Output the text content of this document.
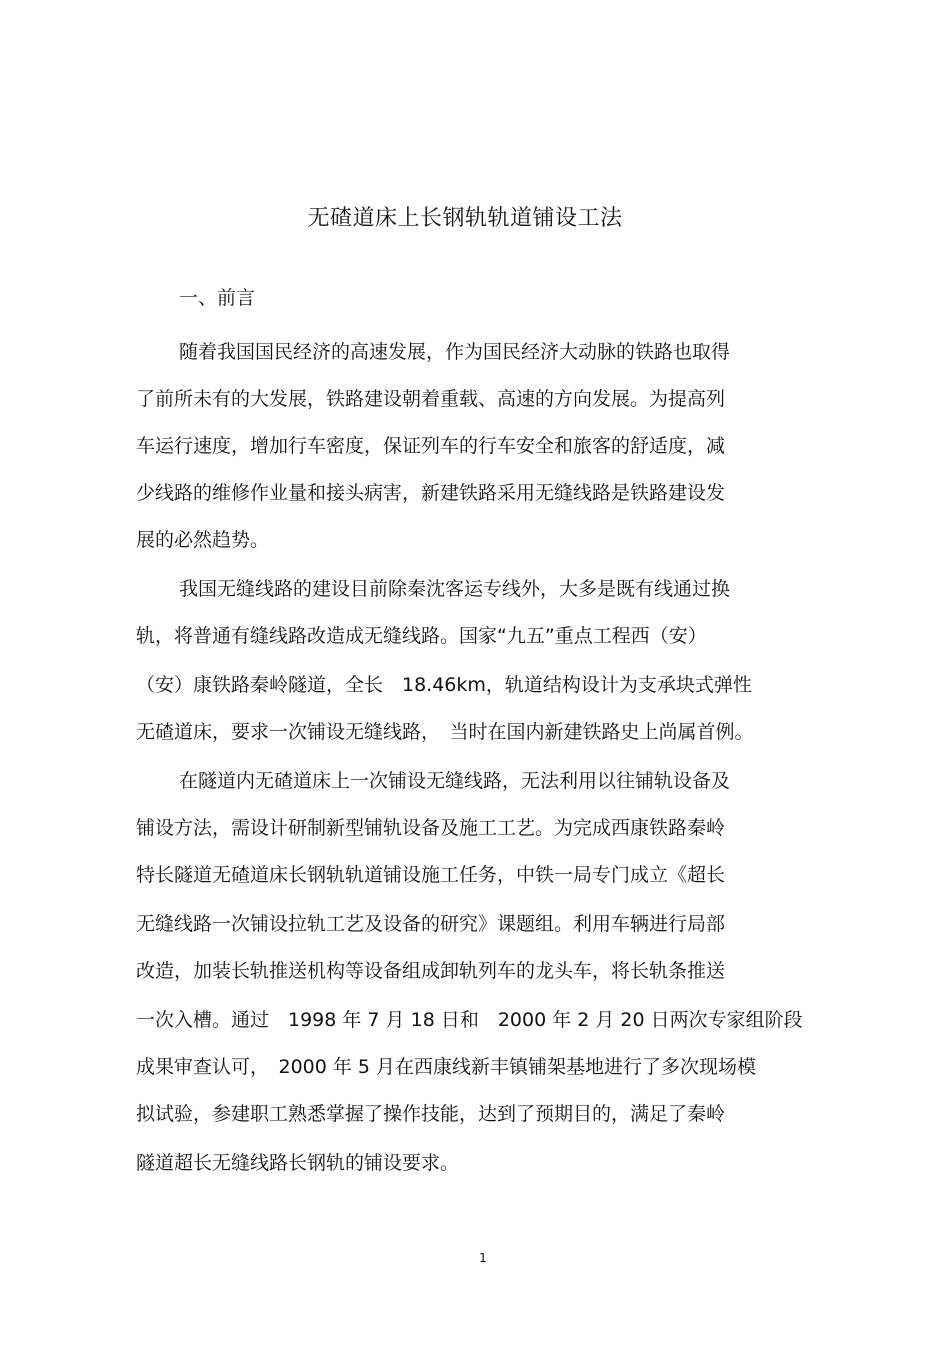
无碴道床上长钢轨轨道铺设工法
一、前言
随着我国国民经济的高速发展，作为国民经济大动脉的铁路也取得
了前所未有的大发展，铁路建设朝着重载、高速的方向发展。为提高列
车运行速度，增加行车密度，保证列车的行车安全和旅客的舒适度，减
少线路的维修作业量和接头病害，新建铁路采用无缝线路是铁路建设发
展的必然趋势。
我国无缝线路的建设目前除秦沈客运专线外，大多是既有线通过换
轨，将普通有缝线路改造成无缝线路。国家“九五”重点工程西（安）
（安）康铁路秦岭隧道，全长　18.46km，轨道结构设计为支承块式弹性
无碴道床，要求一次铺设无缝线路，　当时在国内新建铁路史上尚属首例。
在隧道内无碴道床上一次铺设无缝线路，无法利用以往铺轨设备及
铺设方法，需设计研制新型铺轨设备及施工工艺。为完成西康铁路秦岭
特长隧道无碴道床长钢轨轨道铺设施工任务，中铁一局专门成立《超长
无缝线路一次铺设拉轨工艺及设备的研究》课题组。利用车辆进行局部
改造，加装长轨推送机构等设备组成卸轨列车的龙头车，将长轨条推送
一次入槽。通过　1998 年 7 月 18 日和　2000 年 2 月 20 日两次专家组阶段
成果审查认可，　2000 年 5 月在西康线新丰镇铺架基地进行了多次现场模
拟试验，参建职工熟悉掌握了操作技能，达到了预期目的，满足了秦岭
隧道超长无缝线路长钢轨的铺设要求。
1
